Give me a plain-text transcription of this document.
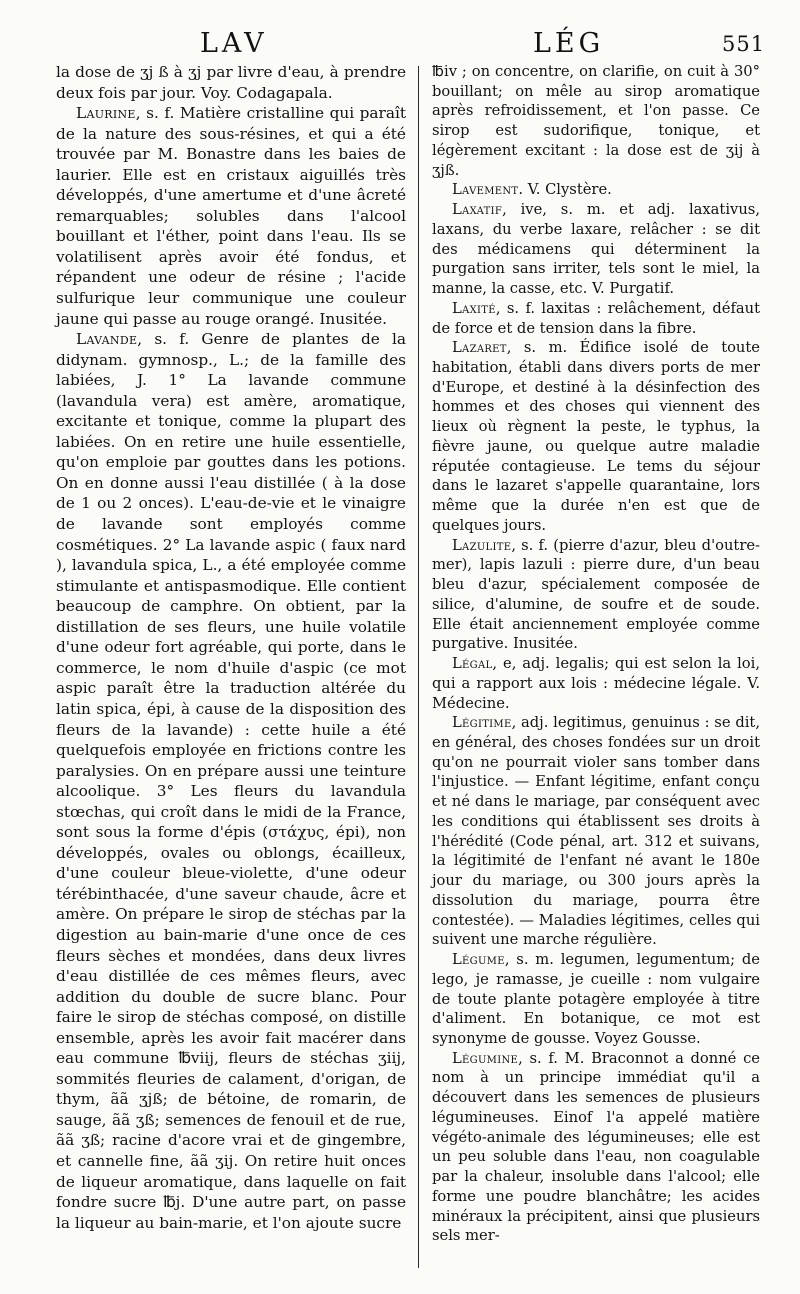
LAV	LÉG	551

la dose de ʒj ß à ʒj par livre d'eau, à prendre deux fois par jour. Voy. Codagapala.

Laurine, s. f. Matière cristalline qui paraît de la nature des sous-résines, et qui a été trouvée par M. Bonastre dans les baies de laurier. Elle est en cristaux aiguillés très développés, d'une amertume et d'une âcreté remarquables; solubles dans l'alcool bouillant et l'éther, point dans l'eau. Ils se volatilisent après avoir été fondus, et répandent une odeur de résine ; l'acide sulfurique leur communique une couleur jaune qui passe au rouge orangé. Inusitée.

Lavande, s. f. Genre de plantes de la didynam. gymnosp., L.; de la famille des labiées, J. 1° La lavande commune (lavandula vera) est amère, aromatique, excitante et tonique, comme la plupart des labiées. On en retire une huile essentielle, qu'on emploie par gouttes dans les potions. On en donne aussi l'eau distillée ( à la dose de 1 ou 2 onces). L'eau-de-vie et le vinaigre de lavande sont employés comme cosmétiques. 2° La lavande aspic ( faux nard ), lavandula spica, L., a été employée comme stimulante et antispasmodique. Elle contient beaucoup de camphre. On obtient, par la distillation de ses fleurs, une huile volatile d'une odeur fort agréable, qui porte, dans le commerce, le nom d'huile d'aspic (ce mot aspic paraît être la traduction altérée du latin spica, épi, à cause de la disposition des fleurs de la lavande) : cette huile a été quelquefois employée en frictions contre les paralysies. On en prépare aussi une teinture alcoolique. 3° Les fleurs du lavandula stœchas, qui croît dans le midi de la France, sont sous la forme d'épis (στάχυς, épi), non développés, ovales ou oblongs, écailleux, d'une couleur bleue-violette, d'une odeur térébinthacée, d'une saveur chaude, âcre et amère. On prépare le sirop de stéchas par la digestion au bain-marie d'une once de ces fleurs sèches et mondées, dans deux livres d'eau distillée de ces mêmes fleurs, avec addition du double de sucre blanc. Pour faire le sirop de stéchas composé, on distille ensemble, après les avoir fait macérer dans eau commune ℔viij, fleurs de stéchas ʒiij, sommités fleuries de calament, d'origan, de thym, ãã ʒjß; de bétoine, de romarin, de sauge, ãã ʒß; semences de fenouil et de rue, ãã ʒß; racine d'acore vrai et de gingembre, et cannelle fine, ãã ʒij. On retire huit onces de liqueur aromatique, dans laquelle on fait fondre sucre ℔j. D'une autre part, on passe la liqueur au bain-marie, et l'on ajoute sucre

℔iv ; on concentre, on clarifie, on cuit à 30° bouillant; on mêle au sirop aromatique après refroidissement, et l'on passe. Ce sirop est sudorifique, tonique, et légèrement excitant : la dose est de ʒij à ʒjß.

Lavement. V. Clystère.

Laxatif, ive, s. m. et adj. laxativus, laxans, du verbe laxare, relâcher : se dit des médicamens qui déterminent la purgation sans irriter, tels sont le miel, la manne, la casse, etc. V. Purgatif.

Laxité, s. f. laxitas : relâchement, défaut de force et de tension dans la fibre.

Lazaret, s. m. Édifice isolé de toute habitation, établi dans divers ports de mer d'Europe, et destiné à la désinfection des hommes et des choses qui viennent des lieux où règnent la peste, le typhus, la fièvre jaune, ou quelque autre maladie réputée contagieuse. Le tems du séjour dans le lazaret s'appelle quarantaine, lors même que la durée n'en est que de quelques jours.

Lazulite, s. f. (pierre d'azur, bleu d'outre-mer), lapis lazuli : pierre dure, d'un beau bleu d'azur, spécialement composée de silice, d'alumine, de soufre et de soude. Elle était anciennement employée comme purgative. Inusitée.

Légal, e, adj. legalis; qui est selon la loi, qui a rapport aux lois : médecine légale. V. Médecine.

Légitime, adj. legitimus, genuinus : se dit, en général, des choses fondées sur un droit qu'on ne pourrait violer sans tomber dans l'injustice. — Enfant légitime, enfant conçu et né dans le mariage, par conséquent avec les conditions qui établissent ses droits à l'hérédité (Code pénal, art. 312 et suivans, la légitimité de l'enfant né avant le 180e jour du mariage, ou 300 jours après la dissolution du mariage, pourra être contestée). — Maladies légitimes, celles qui suivent une marche régulière.

Légume, s. m. legumen, legumentum; de lego, je ramasse, je cueille : nom vulgaire de toute plante potagère employée à titre d'aliment. En botanique, ce mot est synonyme de gousse. Voyez Gousse.

Légumine, s. f. M. Braconnot a donné ce nom à un principe immédiat qu'il a découvert dans les semences de plusieurs légumineuses. Einof l'a appelé matière végéto-animale des légumineuses; elle est un peu soluble dans l'eau, non coagulable par la chaleur, insoluble dans l'alcool; elle forme une poudre blanchâtre; les acides minéraux la précipitent, ainsi que plusieurs sels mer-
